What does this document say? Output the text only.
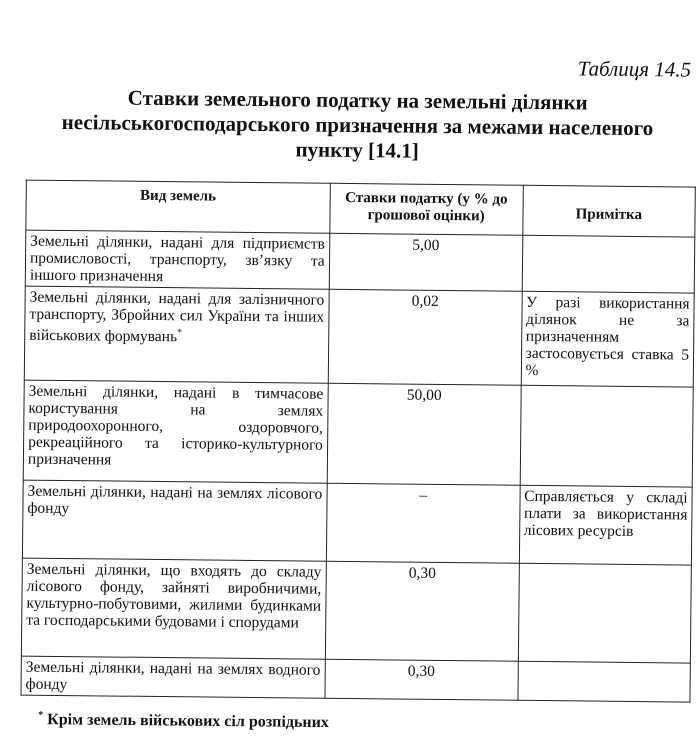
Таблиця 14.5
Ставки земельного податку на земельні ділянки несільськогосподарського призначення за межами населеного пункту [14.1]
Вид земель	Ставки податку (у % до грошової оцінки)	Примітка
Земельні ділянки, надані для підприємств промисловості, транспорту, зв’язку та іншого призначення	5,00	
Земельні ділянки, надані для залізничного транспорту, Збройних сил України та інших військових формувань*	0,02	У разі використання ділянок не за призначенням застосовується ставка 5 %
Земельні ділянки, надані в тимчасове користування на землях природоохоронного, оздоровчого, рекреаційного та історико-культурного призначення	50,00	
Земельні ділянки, надані на землях лісового фонду	–	Справляється у складі плати за використання лісових ресурсів
Земельні ділянки, що входять до складу лісового фонду, зайняті виробничими, культурно-побутовими, жилими будинками та господарськими будовами і спорудами	0,30	
Земельні ділянки, надані на землях водного фонду	0,30	
* Крім земель військових сіл розпідьних
